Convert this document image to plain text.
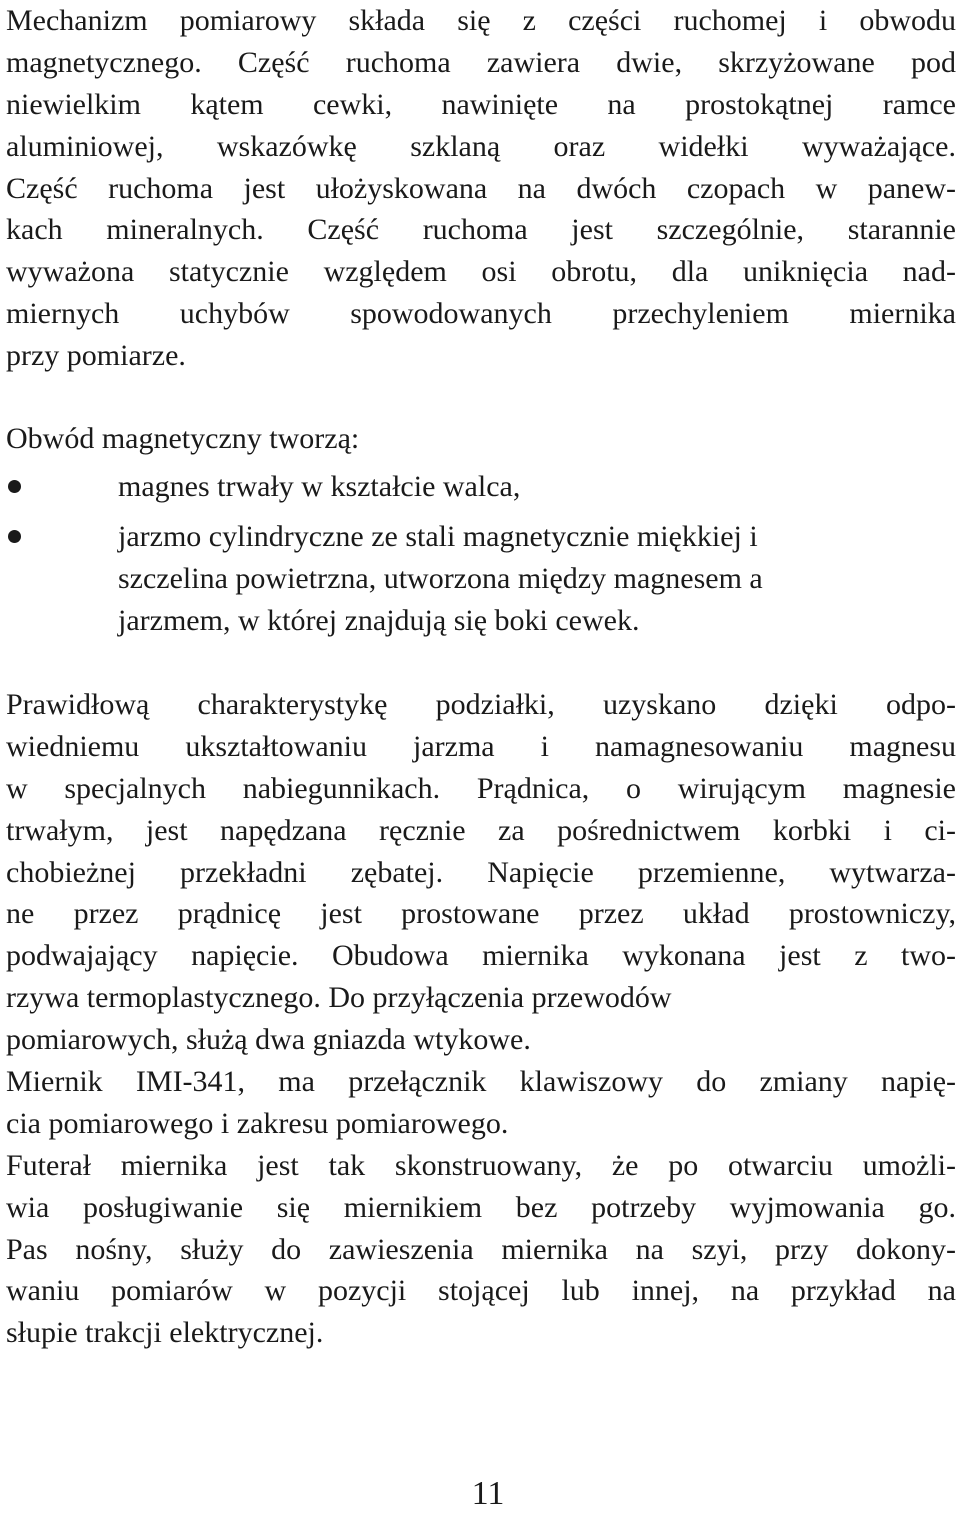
Mechanizm pomiarowy składa się z części ruchomej i obwodu
magnetycznego. Część ruchoma zawiera dwie, skrzyżowane pod
niewielkim kątem cewki, nawinięte na prostokątnej ramce
aluminiowej, wskazówkę szklaną oraz widełki wyważające.
Część ruchoma jest ułożyskowana na dwóch czopach w panew-
kach mineralnych. Część ruchoma jest szczególnie, starannie
wyważona statycznie względem osi obrotu, dla uniknięcia nad-
miernych uchybów spowodowanych przechyleniem miernika
przy pomiarze.
Obwód magnetyczny tworzą:
magnes trwały w kształcie walca,
jarzmo cylindryczne ze stali magnetycznie miękkiej i
szczelina powietrzna, utworzona między magnesem a
jarzmem, w której znajdują się boki cewek.
Prawidłową charakterystykę podziałki, uzyskano dzięki odpo-
wiedniemu ukształtowaniu jarzma i namagnesowaniu magnesu
w specjalnych nabiegunnikach. Prądnica, o wirującym magnesie
trwałym, jest napędzana ręcznie za pośrednictwem korbki i ci-
chobieżnej przekładni zębatej. Napięcie przemienne, wytwarza-
ne przez prądnicę jest prostowane przez układ prostowniczy,
podwajający napięcie. Obudowa miernika wykonana jest z two-
rzywa termoplastycznego. Do przyłączenia przewodów
pomiarowych, służą dwa gniazda wtykowe.
Miernik IMI-341, ma przełącznik klawiszowy do zmiany napię-
cia pomiarowego i zakresu pomiarowego.
Futerał miernika jest tak skonstruowany, że po otwarciu umożli-
wia posługiwanie się miernikiem bez potrzeby wyjmowania go.
Pas nośny, służy do zawieszenia miernika na szyi, przy dokony-
waniu pomiarów w pozycji stojącej lub innej, na przykład na
słupie trakcji elektrycznej.
11
